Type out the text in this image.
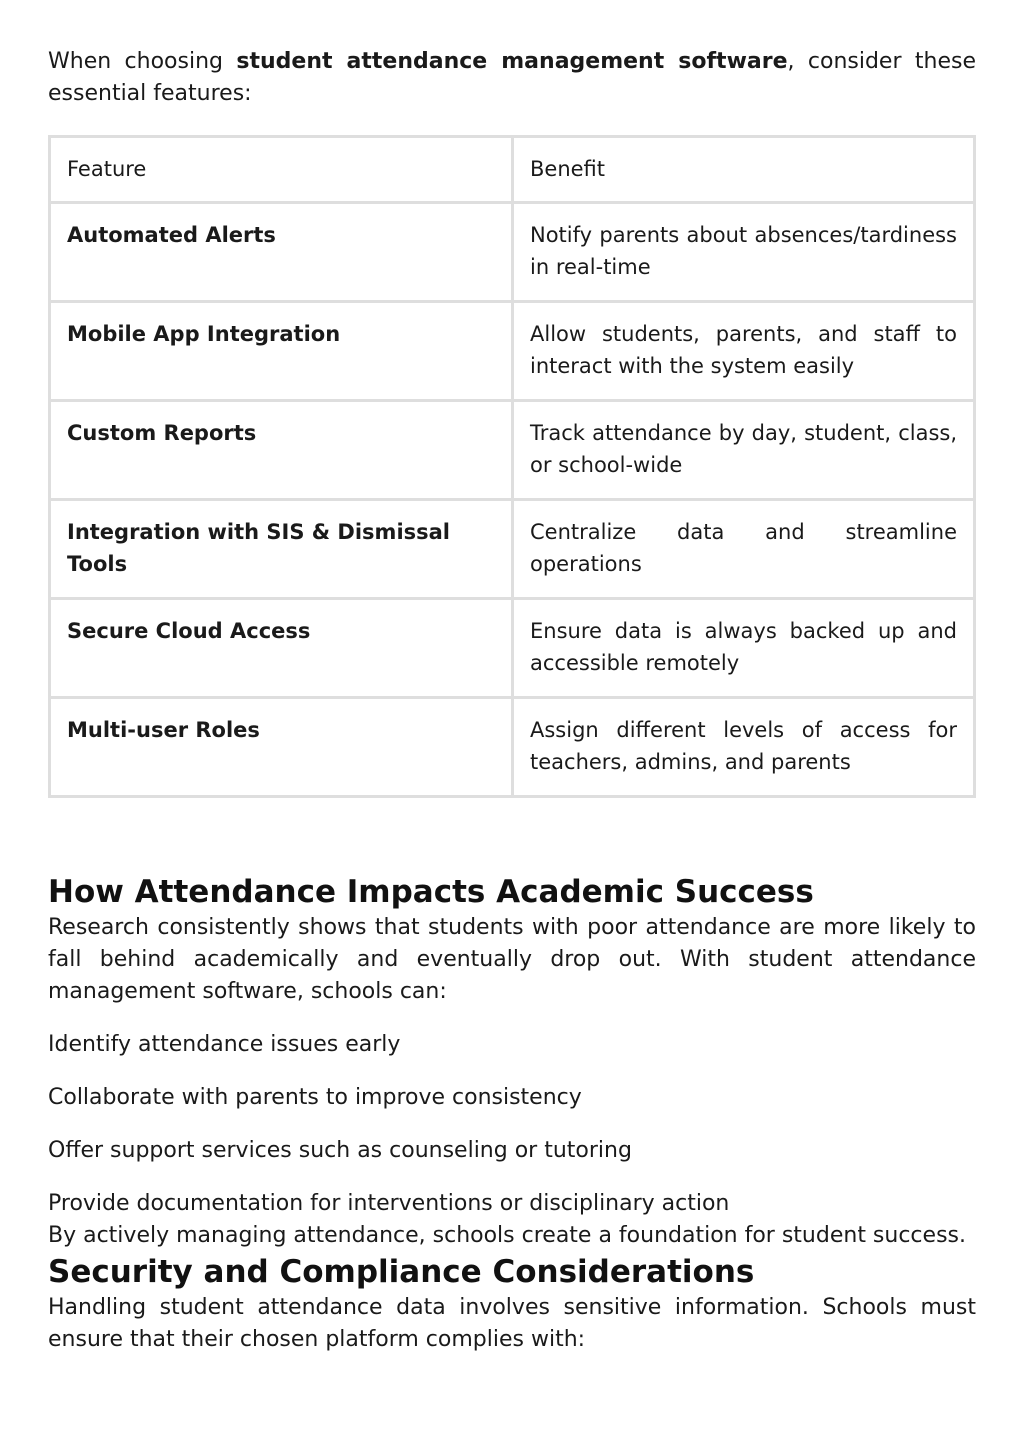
When choosing student attendance management software, consider these essential features:

Feature	Benefit
Automated Alerts	Notify parents about absences/tardiness in real-time
Mobile App Integration	Allow students, parents, and staff to interact with the system easily
Custom Reports	Track attendance by day, student, class, or school-wide
Integration with SIS & Dismissal Tools	Centralize data and streamline operations
Secure Cloud Access	Ensure data is always backed up and accessible remotely
Multi-user Roles	Assign different levels of access for teachers, admins, and parents
How Attendance Impacts Academic Success

Research consistently shows that students with poor attendance are more likely to fall behind academically and eventually drop out. With student attendance management software, schools can:

Identify attendance issues early

Collaborate with parents to improve consistency

Offer support services such as counseling or tutoring

Provide documentation for interventions or disciplinary action

By actively managing attendance, schools create a foundation for student success.

Security and Compliance Considerations

Handling student attendance data involves sensitive information. Schools must ensure that their chosen platform complies with:
